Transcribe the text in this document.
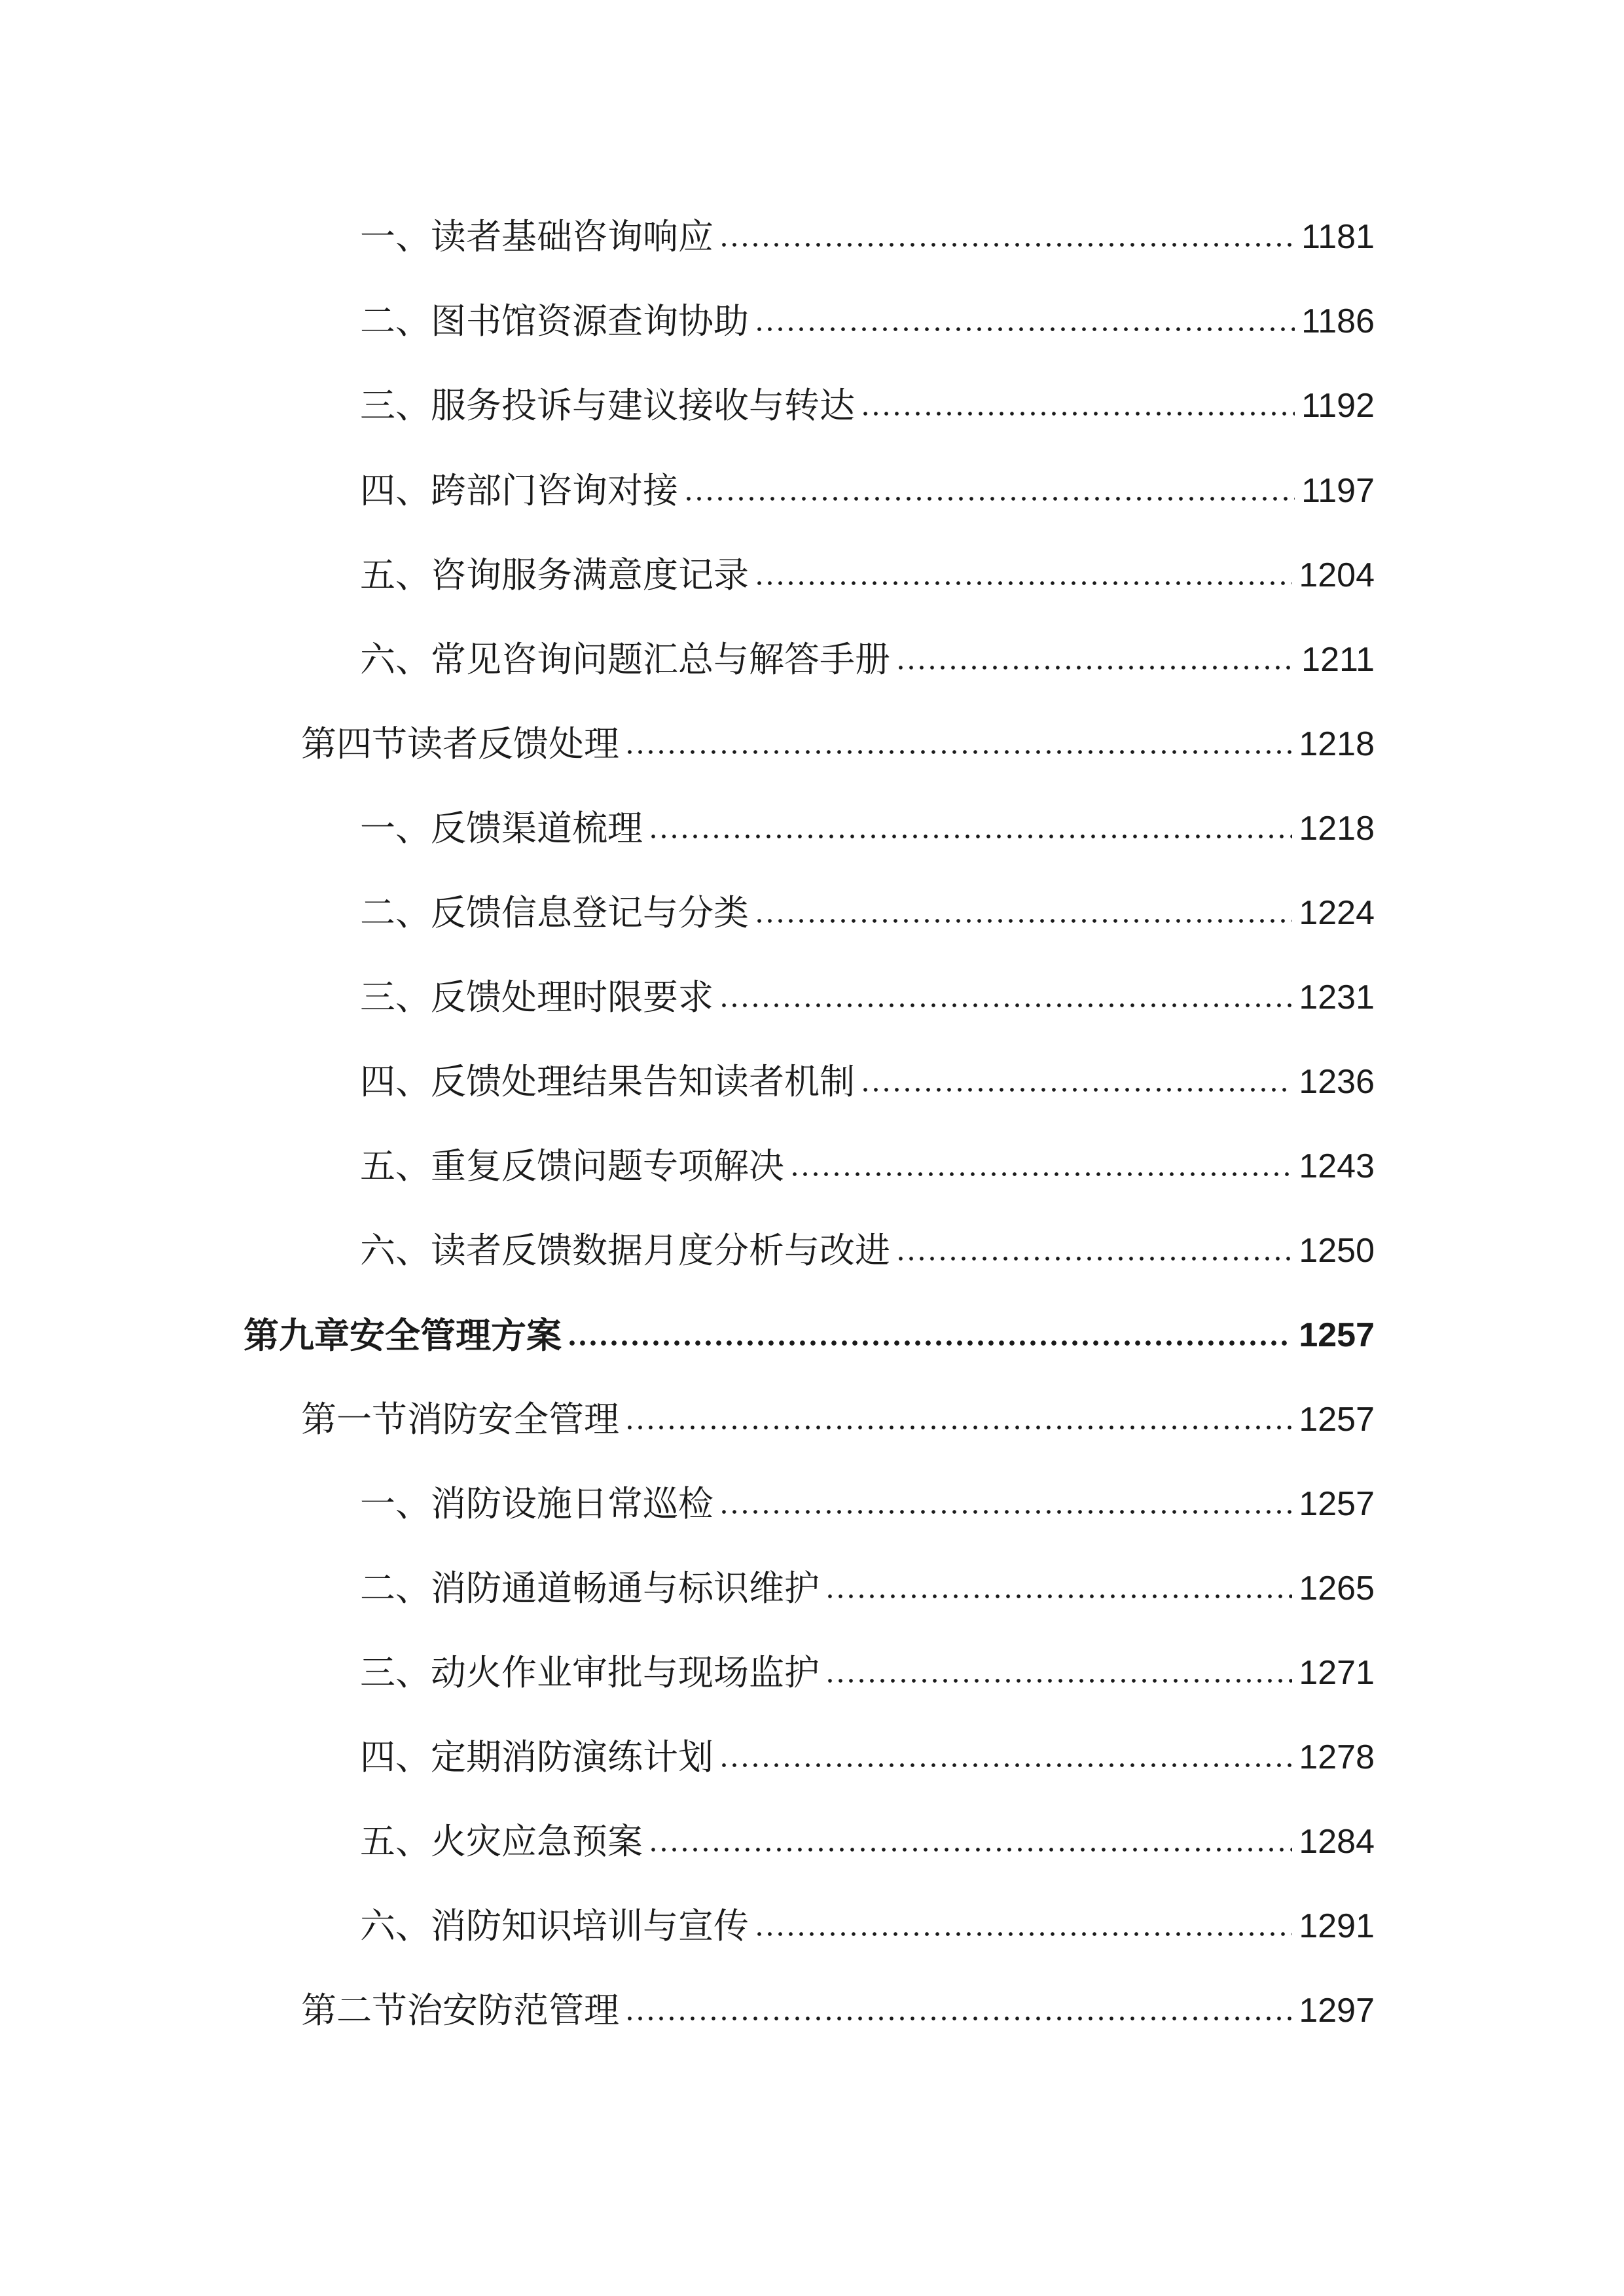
一、读者基础咨询响应	1181
二、图书馆资源查询协助	1186
三、服务投诉与建议接收与转达	1192
四、跨部门咨询对接	1197
五、咨询服务满意度记录	1204
六、常见咨询问题汇总与解答手册	1211
第四节读者反馈处理	1218
一、反馈渠道梳理	1218
二、反馈信息登记与分类	1224
三、反馈处理时限要求	1231
四、反馈处理结果告知读者机制	1236
五、重复反馈问题专项解决	1243
六、读者反馈数据月度分析与改进	1250
第九章安全管理方案	1257
第一节消防安全管理	1257
一、消防设施日常巡检	1257
二、消防通道畅通与标识维护	1265
三、动火作业审批与现场监护	1271
四、定期消防演练计划	1278
五、火灾应急预案	1284
六、消防知识培训与宣传	1291
第二节治安防范管理	1297
